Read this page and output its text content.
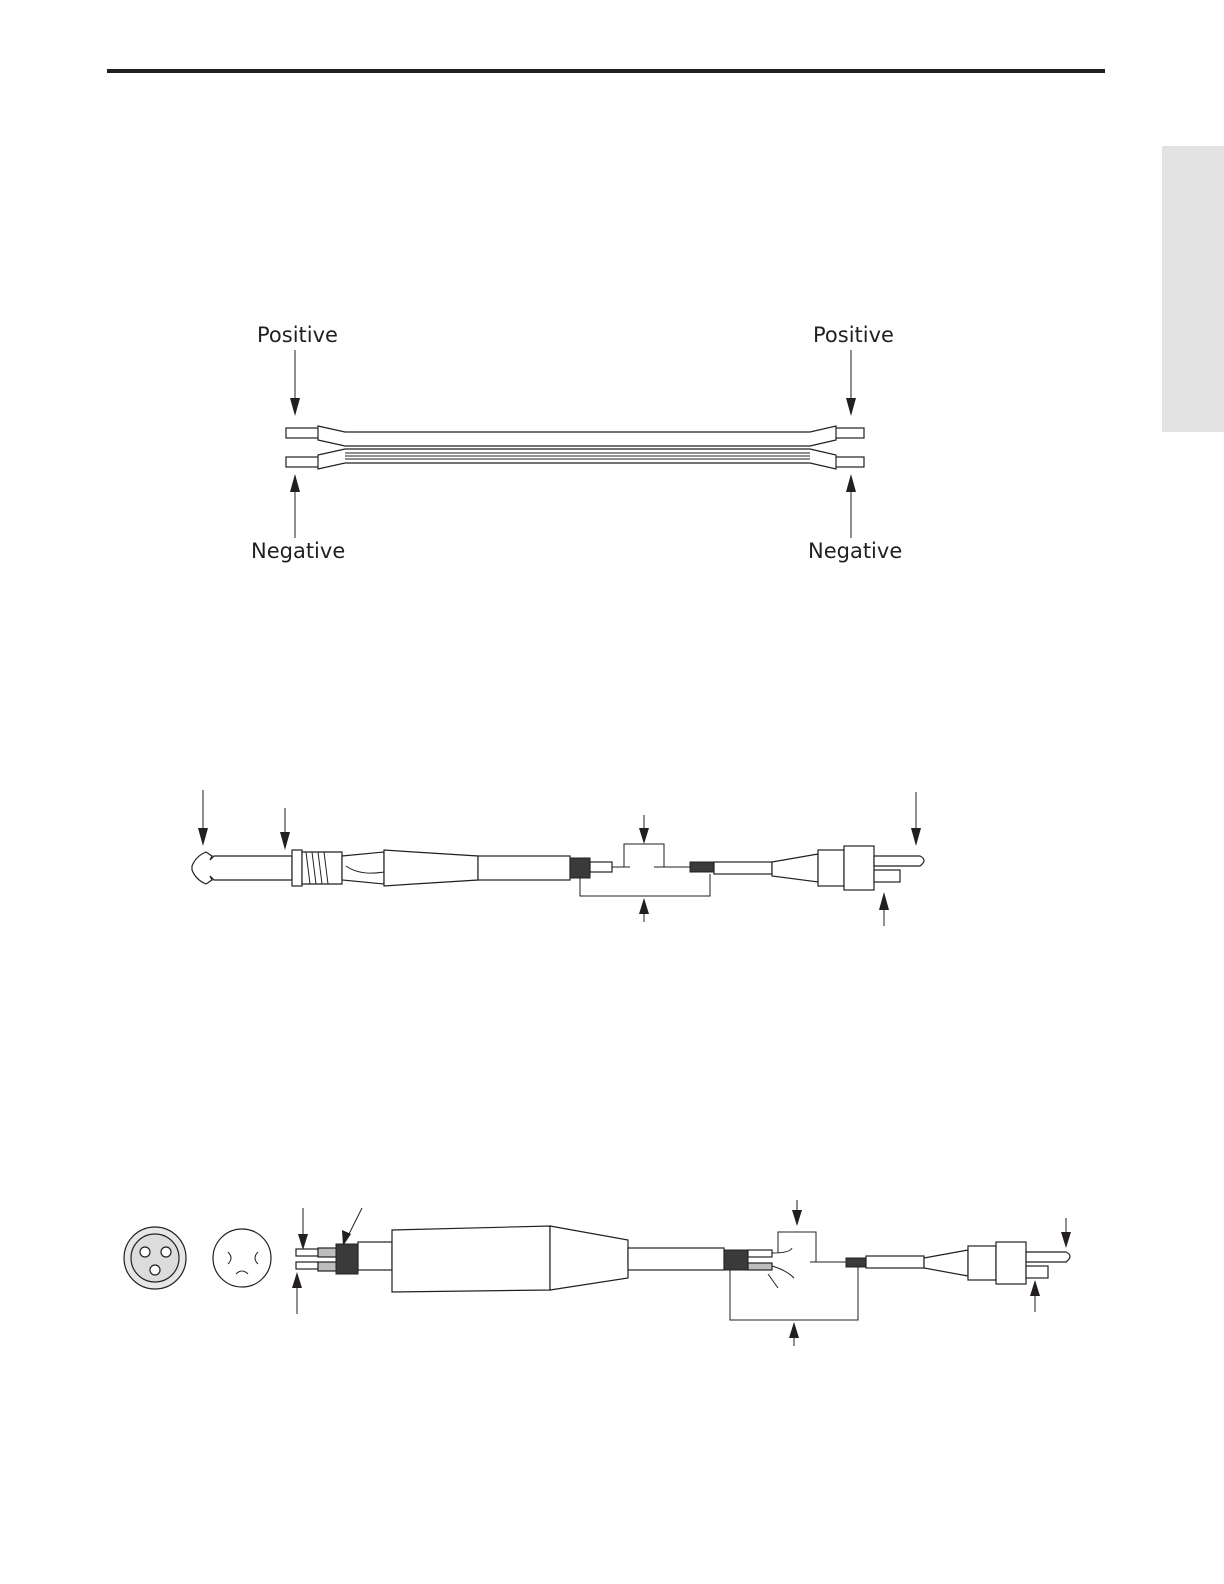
Positive	Positive
Negative	Negative
